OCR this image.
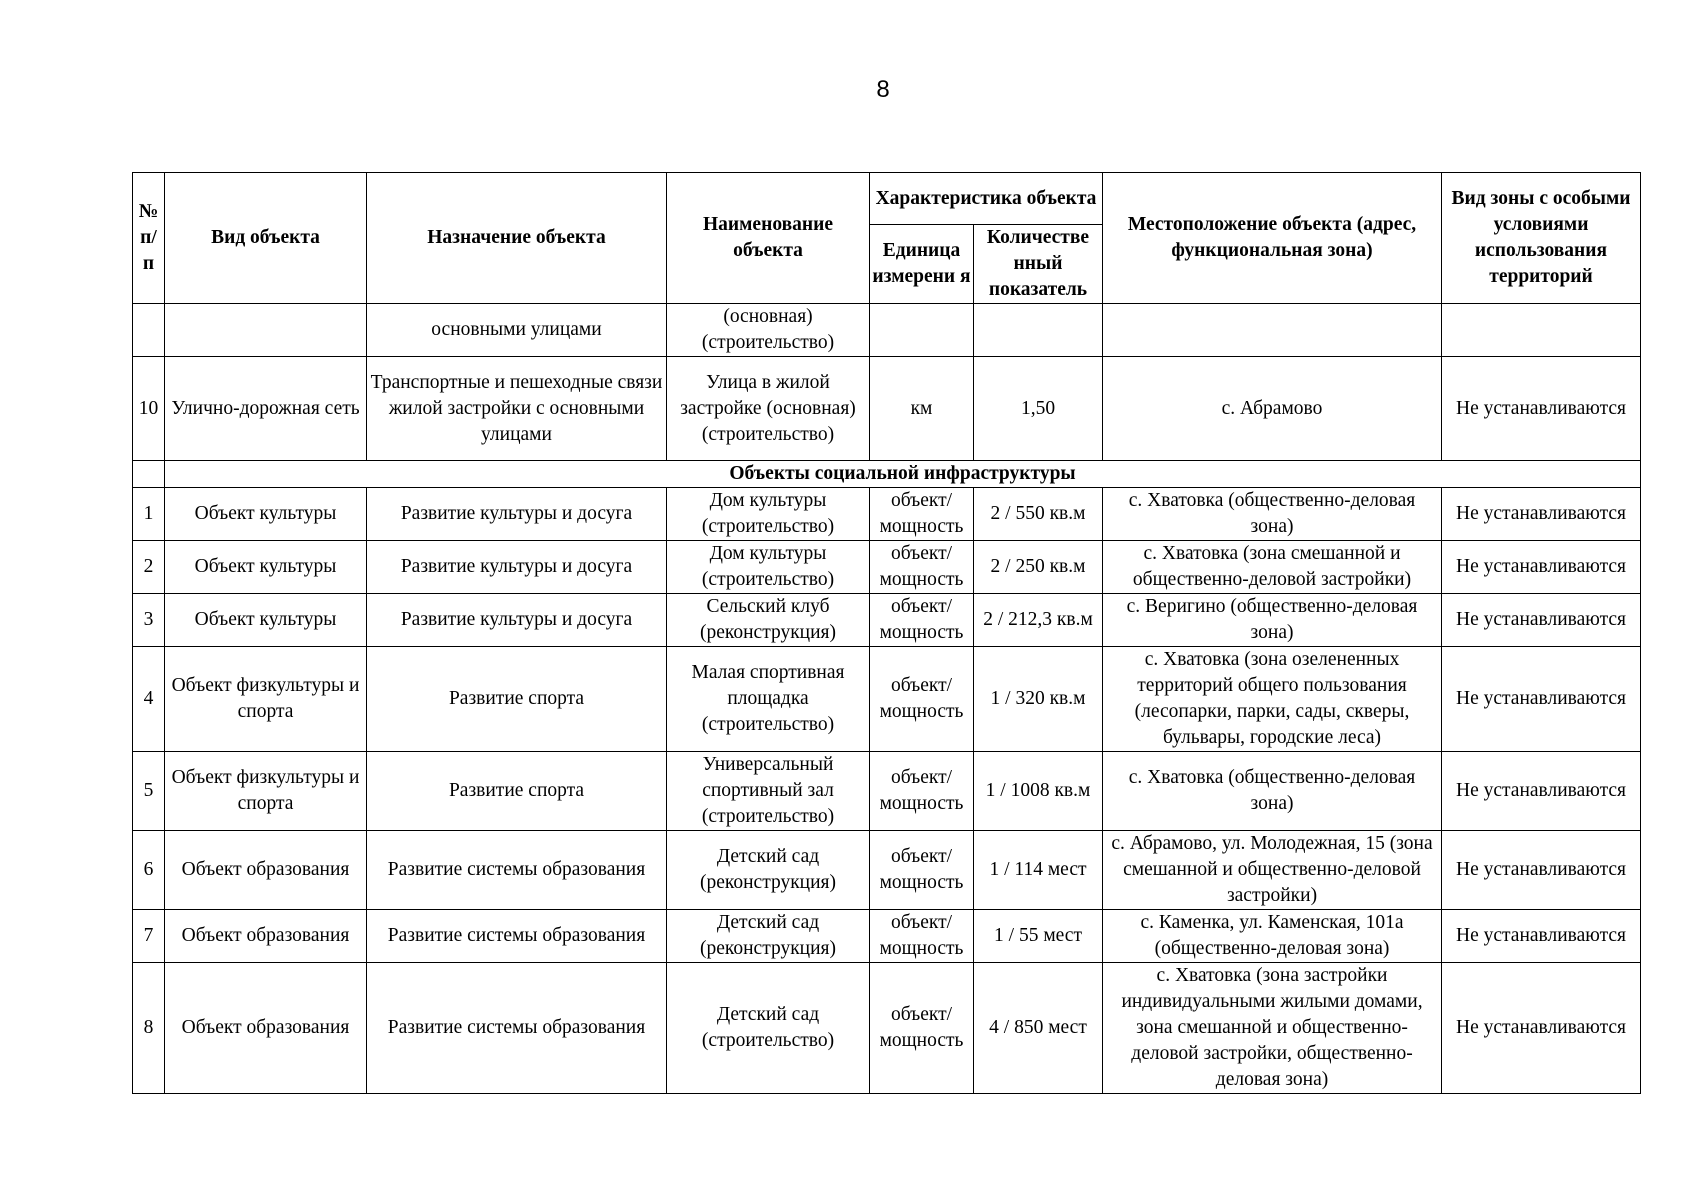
8
№ п/п	Вид объекта	Назначение объекта	Наименование объекта	Характеристика объекта		Местоположение объекта (адрес, функциональная зона)	Вид зоны с особыми условиями использования территорий
				Единица измерени я	Количестве нный показатель		
		основными улицами	(основная) (строительство)				
10	Улично-дорожная сеть	Транспортные и пешеходные связи жилой застройки с основными улицами	Улица в жилой застройке (основная) (строительство)	км	1,50	с. Абрамово	Не устанавливаются
	Объекты социальной инфраструктуры						
1	Объект культуры	Развитие культуры и досуга	Дом культуры (строительство)	объект/ мощность	2 / 550 кв.м	с. Хватовка (общественно-деловая зона)	Не устанавливаются
2	Объект культуры	Развитие культуры и досуга	Дом культуры (строительство)	объект/ мощность	2 / 250 кв.м	с. Хватовка (зона смешанной и общественно-деловой застройки)	Не устанавливаются
3	Объект культуры	Развитие культуры и досуга	Сельский клуб (реконструкция)	объект/ мощность	2 / 212,3 кв.м	с. Веригино (общественно-деловая зона)	Не устанавливаются
4	Объект физкультуры и спорта	Развитие спорта	Малая спортивная площадка (строительство)	объект/ мощность	1 / 320 кв.м	с. Хватовка (зона озелененных территорий общего пользования (лесопарки, парки, сады, скверы, бульвары, городские леса)	Не устанавливаются
5	Объект физкультуры и спорта	Развитие спорта	Универсальный спортивный зал (строительство)	объект/ мощность	1 / 1008 кв.м	с. Хватовка (общественно-деловая зона)	Не устанавливаются
6	Объект образования	Развитие системы образования	Детский сад (реконструкция)	объект/ мощность	1 / 114 мест	с. Абрамово, ул. Молодежная, 15 (зона смешанной и общественно-деловой застройки)	Не устанавливаются
7	Объект образования	Развитие системы образования	Детский сад (реконструкция)	объект/ мощность	1 / 55 мест	с. Каменка, ул. Каменская, 101а (общественно-деловая зона)	Не устанавливаются
8	Объект образования	Развитие системы образования	Детский сад (строительство)	объект/ мощность	4 / 850 мест	с. Хватовка (зона застройки индивидуальными жилыми домами, зона смешанной и общественно-деловой застройки, общественно-деловая зона)	Не устанавливаются
